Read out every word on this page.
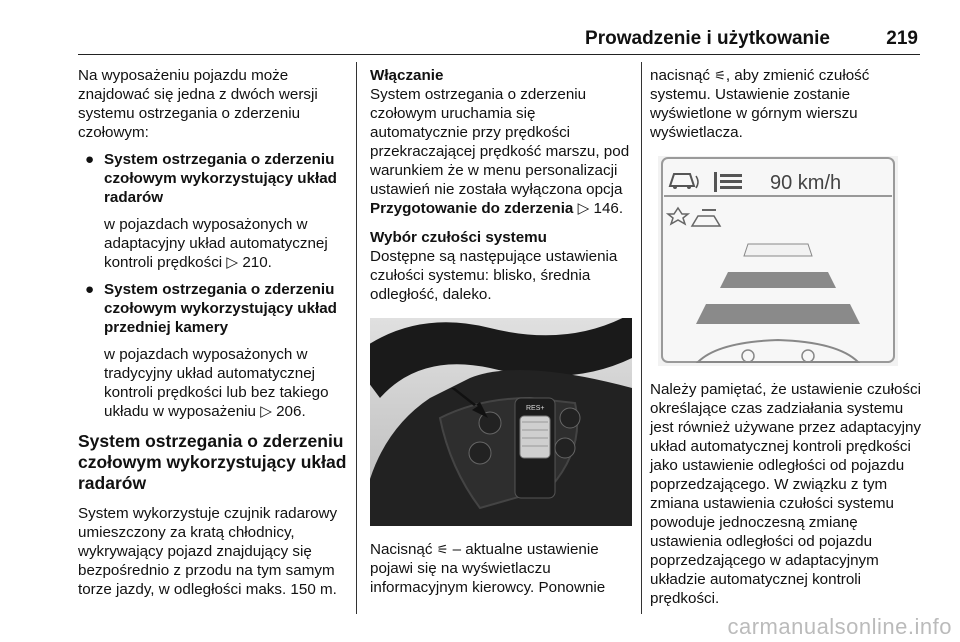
Prowadzenie i użytkowanie	219

Na wyposażeniu pojazdu może znajdować się jedna z dwóch wersji systemu ostrzegania o zderzeniu czołowym:

● System ostrzegania o zderzeniu czołowym wykorzystujący układ radarów

w pojazdach wyposażonych w adaptacyjny układ automatycznej kontroli prędkości ▷ 210.

● System ostrzegania o zderzeniu czołowym wykorzystujący układ przedniej kamery

w pojazdach wyposażonych w tradycyjny układ automatycznej kontroli prędkości lub bez takiego układu w wyposażeniu ▷ 206.

System ostrzegania o zderzeniu czołowym wykorzystujący układ radarów

System wykorzystuje czujnik radarowy umieszczony za kratą chłodnicy, wykrywający pojazd znajdujący się bezpośrednio z przodu na tym samym torze jazdy, w odległości maks. 150 m.

Włączanie

System ostrzegania o zderzeniu czołowym uruchamia się automatycznie przy prędkości przekraczającej prędkość marszu, pod warunkiem że w menu personalizacji ustawień nie została wyłączona opcja Przygotowanie do zderzenia ▷ 146.

Wybór czułości systemu

Dostępne są następujące ustawienia czułości systemu: blisko, średnia odległość, daleko.

RES+

Nacisnąć ⚟ – aktualne ustawienie pojawi się na wyświetlaczu informacyjnym kierowcy. Ponownie

nacisnąć ⚟, aby zmienić czułość systemu. Ustawienie zostanie wyświetlone w górnym wierszu wyświetlacza.

90 km/h

Należy pamiętać, że ustawienie czułości określające czas zadziałania systemu jest również używane przez adaptacyjny układ automatycznej kontroli prędkości jako ustawienie odległości od pojazdu poprzedzającego. W związku z tym zmiana ustawienia czułości systemu powoduje jednoczesną zmianę ustawienia odległości od pojazdu poprzedzającego w adaptacyjnym układzie automatycznej kontroli prędkości.

carmanualsonline.info
